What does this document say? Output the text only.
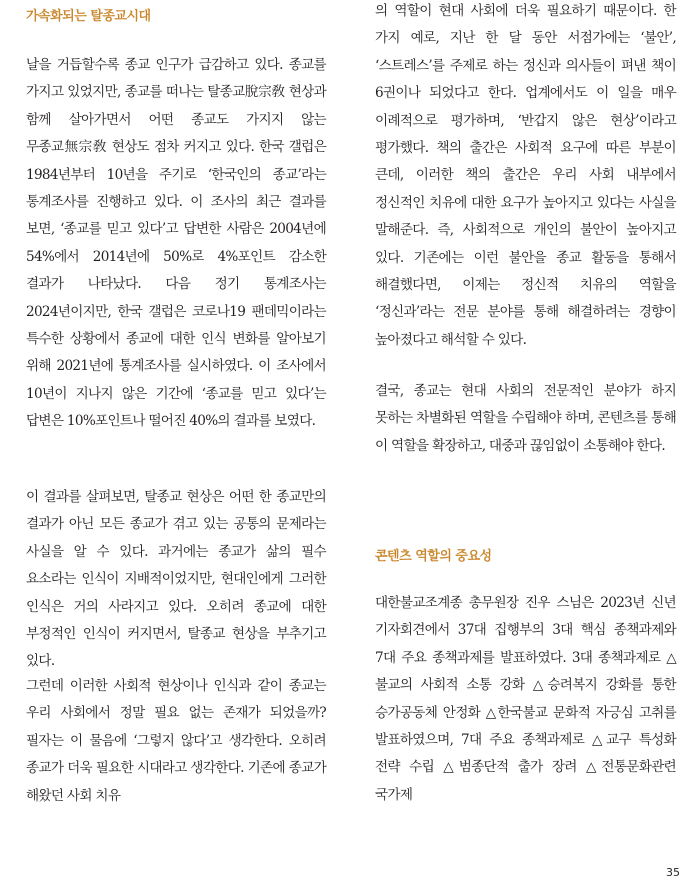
가속화되는 탈종교시대

날을 거듭할수록 종교 인구가 급감하고 있다. 종교를 가지고 있었지만, 종교를 떠나는 탈종교脫宗敎 현상과 함께 살아가면서 어떤 종교도 가지지 않는 무종교無宗敎 현상도 점차 커지고 있다. 한국 갤럽은 1984년부터 10년을 주기로 ‘한국인의 종교’라는 통계조사를 진행하고 있다. 이 조사의 최근 결과를 보면, ‘종교를 믿고 있다’고 답변한 사람은 2004년에 54%에서 2014년에 50%로 4%포인트 감소한 결과가 나타났다. 다음 정기 통계조사는 2024년이지만, 한국 갤럽은 코로나19 팬데믹이라는 특수한 상황에서 종교에 대한 인식 변화를 알아보기 위해 2021년에 통계조사를 실시하였다. 이 조사에서 10년이 지나지 않은 기간에 ‘종교를 믿고 있다’는 답변은 10%포인트나 떨어진 40%의 결과를 보였다.

이 결과를 살펴보면, 탈종교 현상은 어떤 한 종교만의 결과가 아닌 모든 종교가 겪고 있는 공통의 문제라는 사실을 알 수 있다. 과거에는 종교가 삶의 필수 요소라는 인식이 지배적이었지만, 현대인에게 그러한 인식은 거의 사라지고 있다. 오히려 종교에 대한 부정적인 인식이 커지면서, 탈종교 현상을 부추기고 있다.

그런데 이러한 사회적 현상이나 인식과 같이 종교는 우리 사회에서 정말 필요 없는 존재가 되었을까? 필자는 이 물음에 ‘그렇지 않다’고 생각한다. 오히려 종교가 더욱 필요한 시대라고 생각한다. 기존에 종교가 해왔던 사회 치유

의 역할이 현대 사회에 더욱 필요하기 때문이다. 한 가지 예로, 지난 한 달 동안 서점가에는 ‘불안’, ‘스트레스’를 주제로 하는 정신과 의사들이 펴낸 책이 6권이나 되었다고 한다. 업계에서도 이 일을 매우 이례적으로 평가하며, ‘반갑지 않은 현상’이라고 평가했다. 책의 출간은 사회적 요구에 따른 부분이 큰데, 이러한 책의 출간은 우리 사회 내부에서 정신적인 치유에 대한 요구가 높아지고 있다는 사실을 말해준다. 즉, 사회적으로 개인의 불안이 높아지고 있다. 기존에는 이런 불안을 종교 활동을 통해서 해결했다면, 이제는 정신적 치유의 역할을 ‘정신과’라는 전문 분야를 통해 해결하려는 경향이 높아졌다고 해석할 수 있다.

결국, 종교는 현대 사회의 전문적인 분야가 하지 못하는 차별화된 역할을 수립해야 하며, 콘텐츠를 통해 이 역할을 확장하고, 대중과 끊임없이 소통해야 한다.

콘텐츠 역할의 중요성

대한불교조계종 총무원장 진우 스님은 2023년 신년 기자회견에서 37대 집행부의 3대 핵심 종책과제와 7대 주요 종책과제를 발표하였다. 3대 종책과제로 △불교의 사회적 소통 강화 △승려복지 강화를 통한 승가공동체 안정화 △한국불교 문화적 자긍심 고취를 발표하였으며, 7대 주요 종책과제로 △교구 특성화 전략 수립 △범종단적 출가 장려 △전통문화관련 국가제

35
